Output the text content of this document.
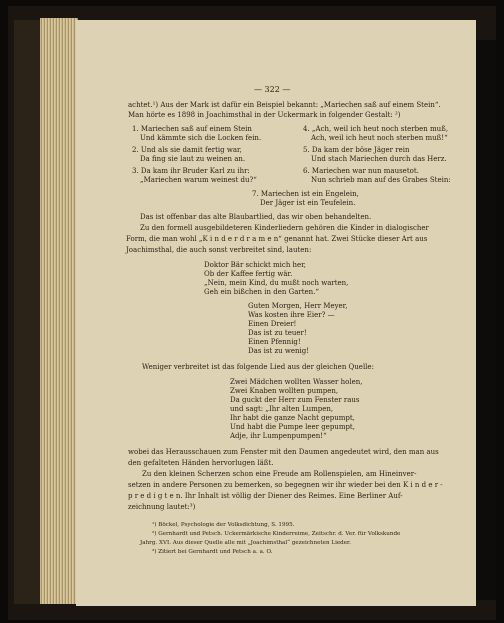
— 322 —
achtet.¹) Aus der Mark ist dafür ein Beispiel bekannt: „Mariechen saß auf einem Stein“.
Man hörte es 1898 in Joachimsthal in der Uckermark in folgender Gestalt: ²)
1. Mariechen saß auf einem Stein
Und kämmte sich die Locken fein.
2. Und als sie damit fertig war,
Da fing sie laut zu weinen an.
3. Da kam ihr Bruder Karl zu ihr:
„Mariechen warum weinest du?“
4. „Ach, weil ich heut noch sterben muß,
Ach, weil ich heut noch sterben muß!“
5. Da kam der böse Jäger rein
Und stach Mariechen durch das Herz.
6. Mariechen war nun mausetot.
Nun schrieb man auf des Grabes Stein:
7. Mariechen ist ein Engelein,
Der Jäger ist ein Teufelein.
Das ist offenbar das alte Blaubartlied, das wir oben behandelten.
Zu den formell ausgebildeteren Kinderliedern gehören die Kinder in dialogischer
Form, die man wohl „K i n d e r d r a m e n“ genannt hat. Zwei Stücke dieser Art aus
Joachimsthal, die auch sonst verbreitet sind, lauten:
Doktor Bär schickt mich her,
Ob der Kaffee fertig wär.
„Nein, mein Kind, du mußt noch warten,
Geh ein bißchen in den Garten.“
Guten Morgen, Herr Meyer,
Was kosten ihre Eier? —
Einen Dreier!
Das ist zu teuer!
Einen Pfennig!
Das ist zu wenig!
Weniger verbreitet ist das folgende Lied aus der gleichen Quelle:
Zwei Mädchen wollten Wasser holen,
Zwei Knaben wollten pumpen,
Da guckt der Herr zum Fenster raus
und sagt: „Ihr alten Lumpen,
Ihr habt die ganze Nacht gepumpt,
Und habt die Pumpe leer gepumpt,
Adje, ihr Lumpenpumpen!“
wobei das Herausschauen zum Fenster mit den Daumen angedeutet wird, den man aus
den gefalteten Händen hervorlugen läßt.
Zu den kleinen Scherzen schon eine Freude am Rollenspielen, am Hineinver-
setzen in andere Personen zu bemerken, so begegnen wir ihr wieder bei den K i n d e r -
p r e d i g t e n. Ihr Inhalt ist völlig der Diener des Reimes. Eine Berliner Auf-
zeichnung lautet:³)
¹) Böckel, Psychologie der Volksdichtung, S. 1995.
²) Gernhardt und Petsch. Uckermärkische Kinderreime, Zeitschr. d. Ver. für Volkskunde
Jahrg. XVI. Aus dieser Quelle alle mit „Joachimsthal“ gezeichneten Lieder.
³) Zitiert bei Gernhardt und Petsch a. a. O.
